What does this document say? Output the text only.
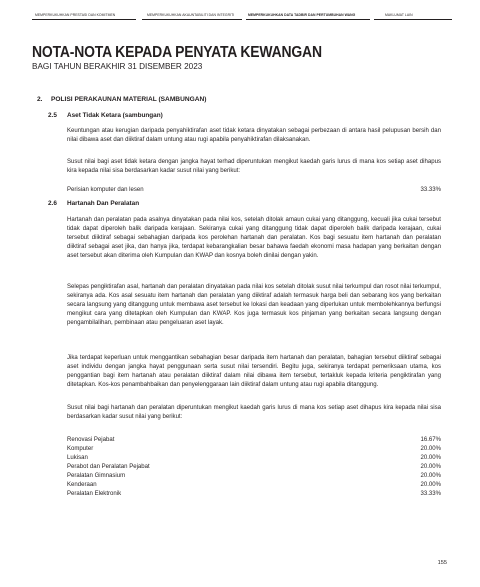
MEMPERKUKUHKAN PRESTASI DAN KOMITMEN	MEMPERKUKUHKAN AKAUNTABILITI DAN INTEGRITI	MEMPERKUKUHKAN DATA TADBIR DAN PERTUMBUHAN WANG	MAKLUMAT LAIN
NOTA-NOTA KEPADA PENYATA KEWANGAN
BAGI TAHUN BERAKHIR 31 DISEMBER 2023
2. POLISI PERAKAUNAN MATERIAL (SAMBUNGAN)
2.5 Aset Tidak Ketara (sambungan)

Keuntungan atau kerugian daripada penyahiktirafan aset tidak ketara dinyatakan sebagai perbezaan di antara hasil pelupusan bersih dan nilai dibawa aset dan diiktiraf dalam untung atau rugi apabila penyahiktirafan dilaksanakan.

Susut nilai bagi aset tidak ketara dengan jangka hayat terhad diperuntukan mengikut kaedah garis lurus di mana kos setiap aset dihapus kira kepada nilai sisa berdasarkan kadar susut nilai yang berikut:

Perisian komputer dan lesen	33.33%
2.6 Hartanah Dan Peralatan

Hartanah dan peralatan pada asalnya dinyatakan pada nilai kos, setelah ditolak amaun cukai yang ditanggung, kecuali jika cukai tersebut tidak dapat diperoleh balik daripada kerajaan. Sekiranya cukai yang ditanggung tidak dapat diperoleh balik daripada kerajaan, cukai tersebut diiktiraf sebagai sebahagian daripada kos perolehan hartanah dan peralatan. Kos bagi sesuatu item hartanah dan peralatan diiktiraf sebagai aset jika, dan hanya jika, terdapat kebarangkalian besar bahawa faedah ekonomi masa hadapan yang berkaitan dengan aset tersebut akan diterima oleh Kumpulan dan KWAP dan kosnya boleh dinilai dengan yakin.

Selepas pengiktirafan asal, hartanah dan peralatan dinyatakan pada nilai kos setelah ditolak susut nilai terkumpul dan rosot nilai terkumpul, sekiranya ada. Kos asal sesuatu item hartanah dan peralatan yang diiktiraf adalah termasuk harga beli dan sebarang kos yang berkaitan secara langsung yang ditanggung untuk membawa aset tersebut ke lokasi dan keadaan yang diperlukan untuk membolehkannya berfungsi mengikut cara yang ditetapkan oleh Kumpulan dan KWAP. Kos juga termasuk kos pinjaman yang berkaitan secara langsung dengan pengambilalihan, pembinaan atau pengeluaran aset layak.

Jika terdapat keperluan untuk menggantikan sebahagian besar daripada item hartanah dan peralatan, bahagian tersebut diiktiraf sebagai aset individu dengan jangka hayat penggunaan serta susut nilai tersendiri. Begitu juga, sekiranya terdapat pemeriksaan utama, kos penggantian bagi item hartanah atau peralatan diiktiraf dalam nilai dibawa item tersebut, tertakluk kepada kriteria pengiktirafan yang ditetapkan. Kos-kos penambahbaikan dan penyelenggaraan lain diiktiraf dalam untung atau rugi apabila ditanggung.

Susut nilai bagi hartanah dan peralatan diperuntukan mengikut kaedah garis lurus di mana kos setiap aset dihapus kira kepada nilai sisa berdasarkan kadar susut nilai yang berikut:

Renovasi Pejabat	16.67%
Komputer	20.00%
Lukisan	20.00%
Perabot dan Peralatan Pejabat	20.00%
Peralatan Gimnasium	20.00%
Kenderaan	20.00%
Peralatan Elektronik	33.33%
155
